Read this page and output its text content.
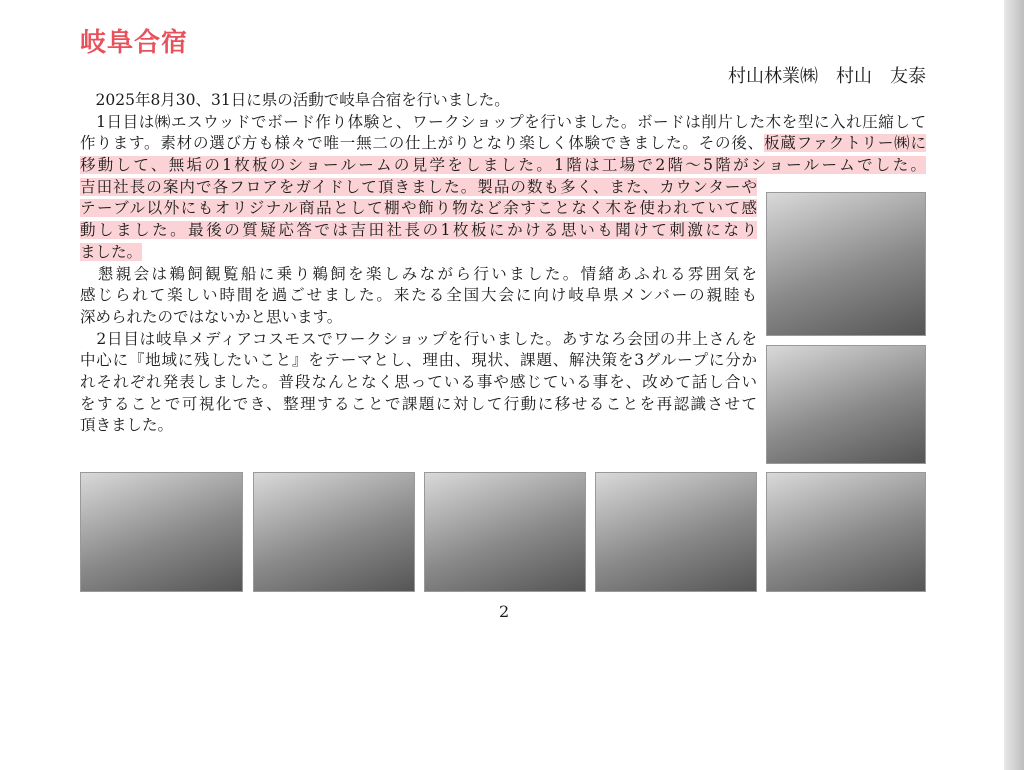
岐阜合宿
村山林業㈱　村山　友泰
　2025年8月30、31日に県の活動で岐阜合宿を行いました。
　1日目は㈱エスウッドでボード作り体験と、ワークショップを行いました。ボードは削片した木を型に入れ圧縮して
作ります。素材の選び方も様々で唯一無二の仕上がりとなり楽しく体験できました。その後、板蔵ファクトリー㈱に
移動して、無垢の1枚板のショールームの見学をしました。1階は工場で2階～5階がショールームでした。
吉田社長の案内で各フロアをガイドして頂きました。製品の数も多く、また、カウンターや
テーブル以外にもオリジナル商品として棚や飾り物など余すことなく木を使われていて感
動しました。最後の質疑応答では吉田社長の1枚板にかける思いも聞けて刺激になり
ました。
　懇親会は鵜飼観覧船に乗り鵜飼を楽しみながら行いました。情緒あふれる雰囲気を
感じられて楽しい時間を過ごせました。来たる全国大会に向け岐阜県メンバーの親睦も
深められたのではないかと思います。
　2日目は岐阜メディアコスモスでワークショップを行いました。あすなろ会団の井上さんを
中心に『地域に残したいこと』をテーマとし、理由、現状、課題、解決策を3グループに分か
れそれぞれ発表しました。普段なんとなく思っている事や感じている事を、改めて話し合い
をすることで可視化でき、整理することで課題に対して行動に移せることを再認識させて
頂きました。
2
